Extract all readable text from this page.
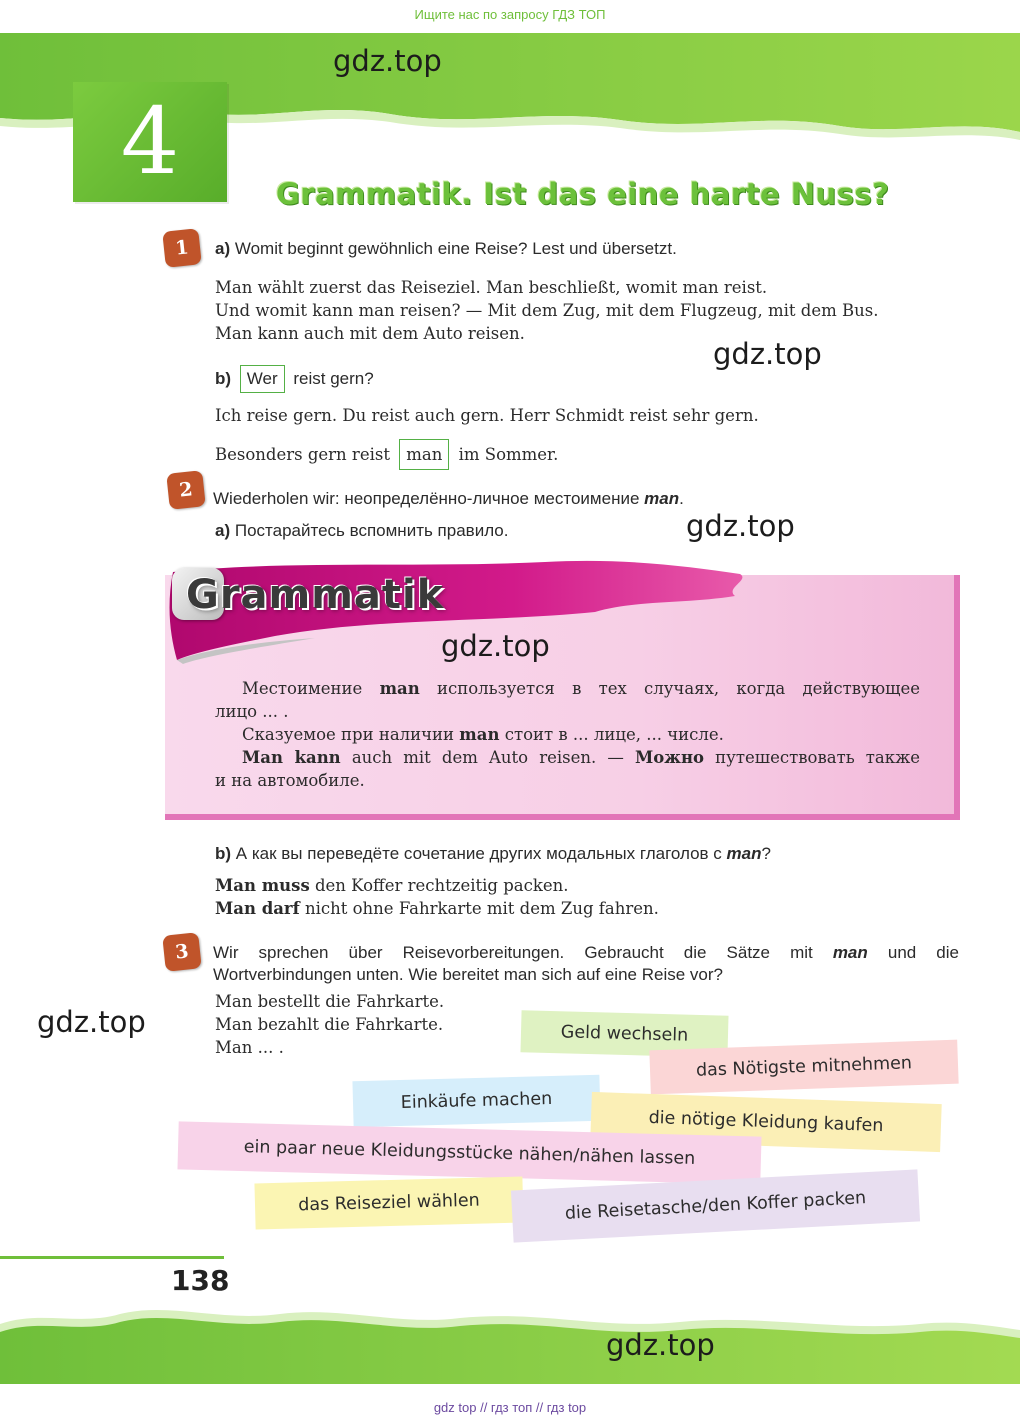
Ищите нас по запросу ГДЗ ТОП
gdz.top
4	Grammatik. Ist das eine harte Nuss?
1	a) Womit beginnt gewöhnlich eine Reise? Lest und übersetzt.
Man wählt zuerst das Reiseziel. Man beschließt, womit man reist.
Und womit kann man reisen? — Mit dem Zug, mit dem Flugzeug, mit dem Bus.
Man kann auch mit dem Auto reisen.
gdz.top
b) Wer reist gern?
Ich reise gern. Du reist auch gern. Herr Schmidt reist sehr gern.
Besonders gern reist man im Sommer.
2	Wiederholen wir: неопределённо-личное местоимение man.
a) Постарайтесь вспомнить правило.	gdz.top
Grammatik
gdz.top
Местоимение man используется в тех случаях, когда действующее
лицо ... .
Сказуемое при наличии man стоит в ... лице, ... числе.
Man kann auch mit dem Auto reisen. — Можно путешествовать также
и на автомобиле.
b) А как вы переведёте сочетание других модальных глаголов с man?
Man muss den Koffer rechtzeitig packen.
Man darf nicht ohne Fahrkarte mit dem Zug fahren.
3	Wir sprechen über Reisevorbereitungen. Gebraucht die Sätze mit man und die
Wortverbindungen unten. Wie bereitet man sich auf eine Reise vor?
Man bestellt die Fahrkarte.
Man bezahlt die Fahrkarte.
Man ... .
gdz.top	Geld wechseln
das Nötigste mitnehmen
Einkäufe machen
die nötige Kleidung kaufen
ein paar neue Kleidungsstücke nähen/nähen lassen
das Reiseziel wählen	die Reisetasche/den Koffer packen
138
gdz.top
gdz top // гдз топ // гдз top
